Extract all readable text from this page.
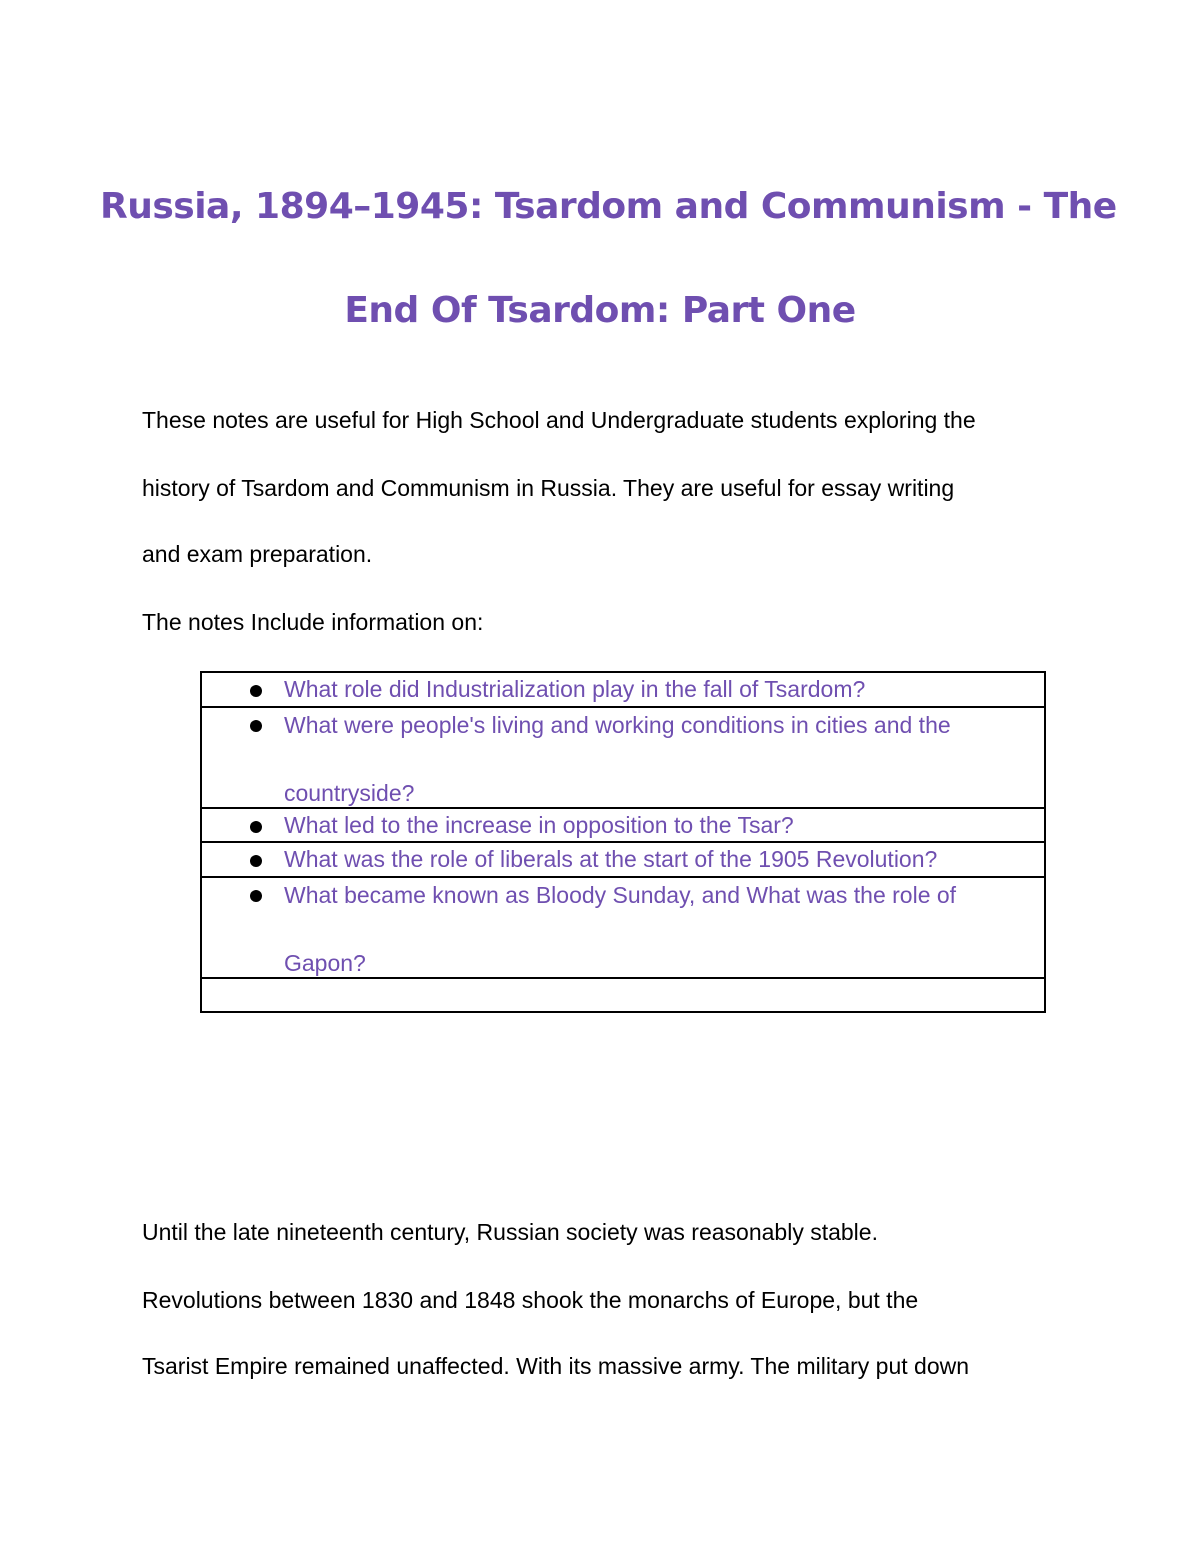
Russia, 1894–1945: Tsardom and Communism - The
End Of Tsardom: Part One

These notes are useful for High School and Undergraduate students exploring the

history of Tsardom and Communism in Russia. They are useful for essay writing

and exam preparation.

The notes Include information on:

What role did Industrialization play in the fall of Tsardom?

What were people's living and working conditions in cities and the
countryside?

What led to the increase in opposition to the Tsar?

What was the role of liberals at the start of the 1905 Revolution?

What became known as Bloody Sunday, and What was the role of
Gapon?

Until the late nineteenth century, Russian society was reasonably stable.

Revolutions between 1830 and 1848 shook the monarchs of Europe, but the

Tsarist Empire remained unaffected. With its massive army. The military put down
